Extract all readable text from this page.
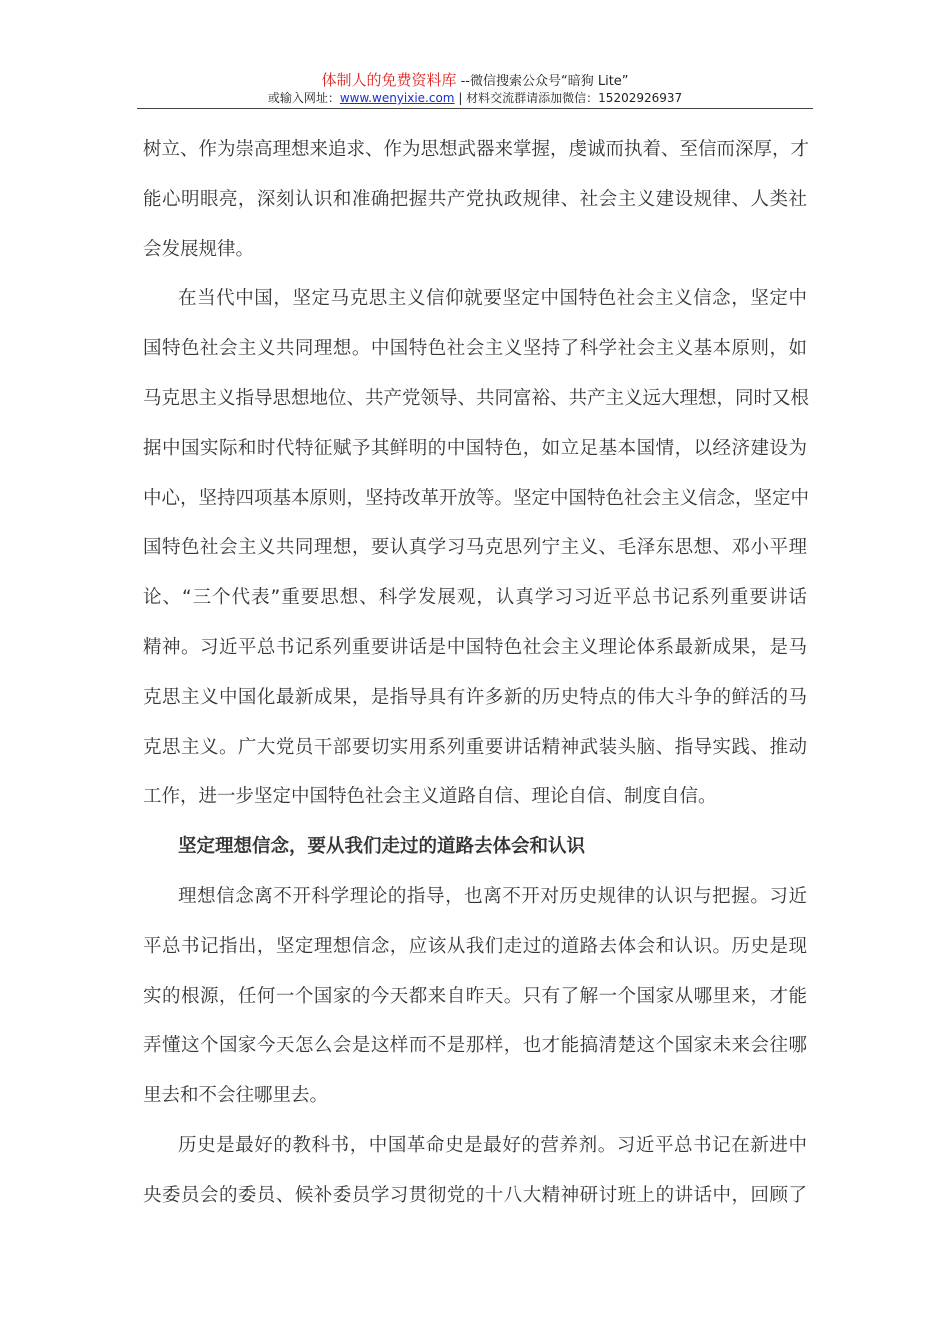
体制人的免费资料库 --微信搜索公众号“暗狗 Lite”
或输入网址：www.wenyixie.com | 材料交流群请添加微信：15202926937
树立、作为崇高理想来追求、作为思想武器来掌握，虔诚而执着、至信而深厚，才
能心明眼亮，深刻认识和准确把握共产党执政规律、社会主义建设规律、人类社
会发展规律。
在当代中国，坚定马克思主义信仰就要坚定中国特色社会主义信念，坚定中
国特色社会主义共同理想。中国特色社会主义坚持了科学社会主义基本原则，如
马克思主义指导思想地位、共产党领导、共同富裕、共产主义远大理想，同时又根
据中国实际和时代特征赋予其鲜明的中国特色，如立足基本国情，以经济建设为
中心，坚持四项基本原则，坚持改革开放等。坚定中国特色社会主义信念，坚定中
国特色社会主义共同理想，要认真学习马克思列宁主义、毛泽东思想、邓小平理
论、“三个代表”重要思想、科学发展观，认真学习习近平总书记系列重要讲话
精神。习近平总书记系列重要讲话是中国特色社会主义理论体系最新成果，是马
克思主义中国化最新成果，是指导具有许多新的历史特点的伟大斗争的鲜活的马
克思主义。广大党员干部要切实用系列重要讲话精神武装头脑、指导实践、推动
工作，进一步坚定中国特色社会主义道路自信、理论自信、制度自信。
坚定理想信念，要从我们走过的道路去体会和认识
理想信念离不开科学理论的指导，也离不开对历史规律的认识与把握。习近
平总书记指出，坚定理想信念，应该从我们走过的道路去体会和认识。历史是现
实的根源，任何一个国家的今天都来自昨天。只有了解一个国家从哪里来，才能
弄懂这个国家今天怎么会是这样而不是那样，也才能搞清楚这个国家未来会往哪
里去和不会往哪里去。
历史是最好的教科书，中国革命史是最好的营养剂。习近平总书记在新进中
央委员会的委员、候补委员学习贯彻党的十八大精神研讨班上的讲话中，回顾了
